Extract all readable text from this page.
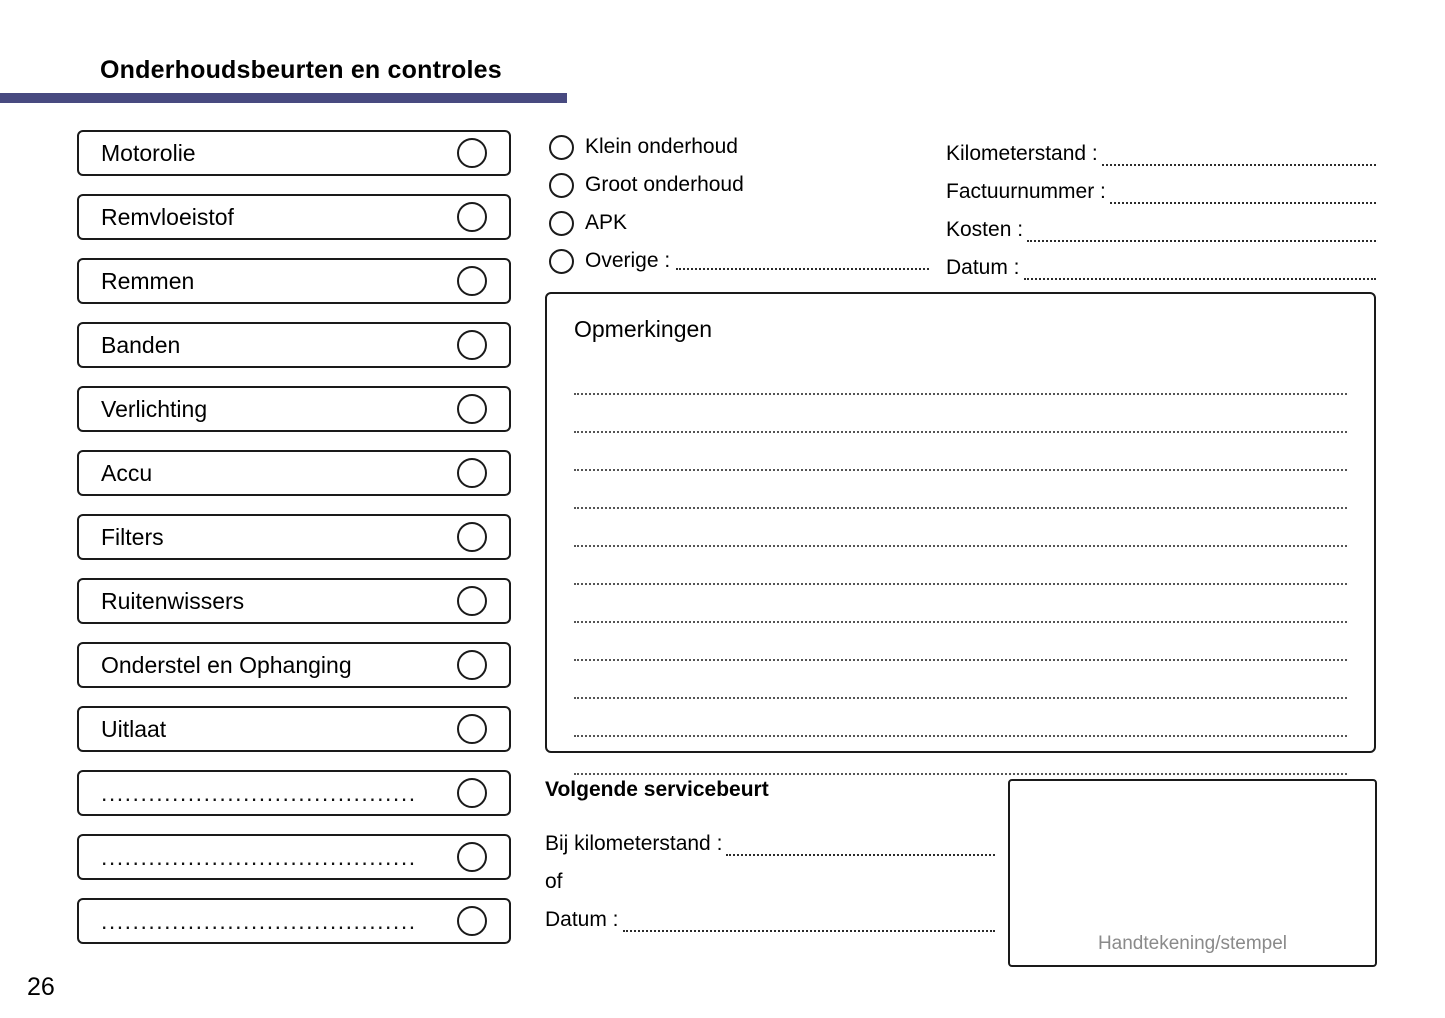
Onderhoudsbeurten en controles
Motorolie
Remvloeistof
Remmen
Banden
Verlichting
Accu
Filters
Ruitenwissers
Onderstel en Ophanging
Uitlaat
........................................
........................................
........................................
Klein onderhoud
Groot onderhoud
APK
Overige :
Kilometerstand :
Factuurnummer :
Kosten :
Datum :
Opmerkingen
Volgende servicebeurt
Bij kilometerstand :
of
Datum :
Handtekening/stempel
26
